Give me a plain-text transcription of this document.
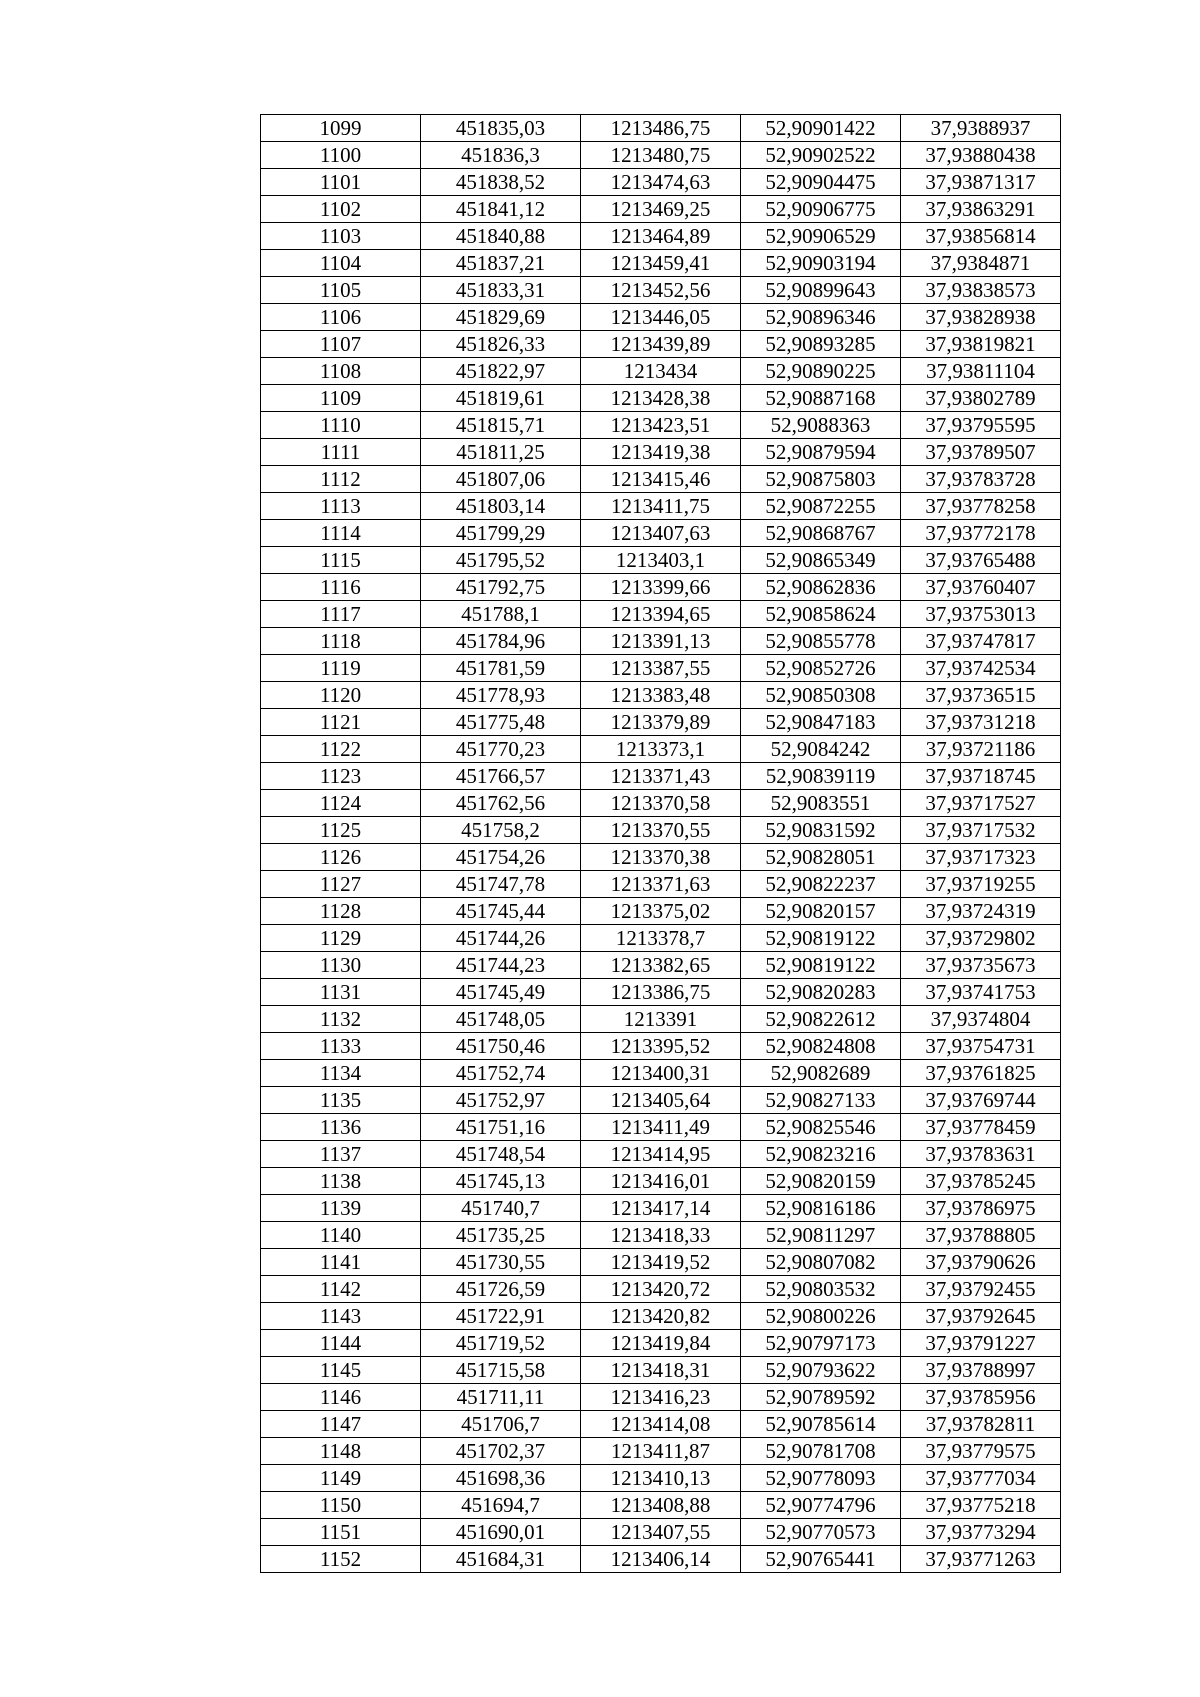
1099	451835,03	1213486,75	52,90901422	37,9388937
1100	451836,3	1213480,75	52,90902522	37,93880438
1101	451838,52	1213474,63	52,90904475	37,93871317
1102	451841,12	1213469,25	52,90906775	37,93863291
1103	451840,88	1213464,89	52,90906529	37,93856814
1104	451837,21	1213459,41	52,90903194	37,9384871
1105	451833,31	1213452,56	52,90899643	37,93838573
1106	451829,69	1213446,05	52,90896346	37,93828938
1107	451826,33	1213439,89	52,90893285	37,93819821
1108	451822,97	1213434	52,90890225	37,93811104
1109	451819,61	1213428,38	52,90887168	37,93802789
1110	451815,71	1213423,51	52,9088363	37,93795595
1111	451811,25	1213419,38	52,90879594	37,93789507
1112	451807,06	1213415,46	52,90875803	37,93783728
1113	451803,14	1213411,75	52,90872255	37,93778258
1114	451799,29	1213407,63	52,90868767	37,93772178
1115	451795,52	1213403,1	52,90865349	37,93765488
1116	451792,75	1213399,66	52,90862836	37,93760407
1117	451788,1	1213394,65	52,90858624	37,93753013
1118	451784,96	1213391,13	52,90855778	37,93747817
1119	451781,59	1213387,55	52,90852726	37,93742534
1120	451778,93	1213383,48	52,90850308	37,93736515
1121	451775,48	1213379,89	52,90847183	37,93731218
1122	451770,23	1213373,1	52,9084242	37,93721186
1123	451766,57	1213371,43	52,90839119	37,93718745
1124	451762,56	1213370,58	52,9083551	37,93717527
1125	451758,2	1213370,55	52,90831592	37,93717532
1126	451754,26	1213370,38	52,90828051	37,93717323
1127	451747,78	1213371,63	52,90822237	37,93719255
1128	451745,44	1213375,02	52,90820157	37,93724319
1129	451744,26	1213378,7	52,90819122	37,93729802
1130	451744,23	1213382,65	52,90819122	37,93735673
1131	451745,49	1213386,75	52,90820283	37,93741753
1132	451748,05	1213391	52,90822612	37,9374804
1133	451750,46	1213395,52	52,90824808	37,93754731
1134	451752,74	1213400,31	52,9082689	37,93761825
1135	451752,97	1213405,64	52,90827133	37,93769744
1136	451751,16	1213411,49	52,90825546	37,93778459
1137	451748,54	1213414,95	52,90823216	37,93783631
1138	451745,13	1213416,01	52,90820159	37,93785245
1139	451740,7	1213417,14	52,90816186	37,93786975
1140	451735,25	1213418,33	52,90811297	37,93788805
1141	451730,55	1213419,52	52,90807082	37,93790626
1142	451726,59	1213420,72	52,90803532	37,93792455
1143	451722,91	1213420,82	52,90800226	37,93792645
1144	451719,52	1213419,84	52,90797173	37,93791227
1145	451715,58	1213418,31	52,90793622	37,93788997
1146	451711,11	1213416,23	52,90789592	37,93785956
1147	451706,7	1213414,08	52,90785614	37,93782811
1148	451702,37	1213411,87	52,90781708	37,93779575
1149	451698,36	1213410,13	52,90778093	37,93777034
1150	451694,7	1213408,88	52,90774796	37,93775218
1151	451690,01	1213407,55	52,90770573	37,93773294
1152	451684,31	1213406,14	52,90765441	37,93771263
